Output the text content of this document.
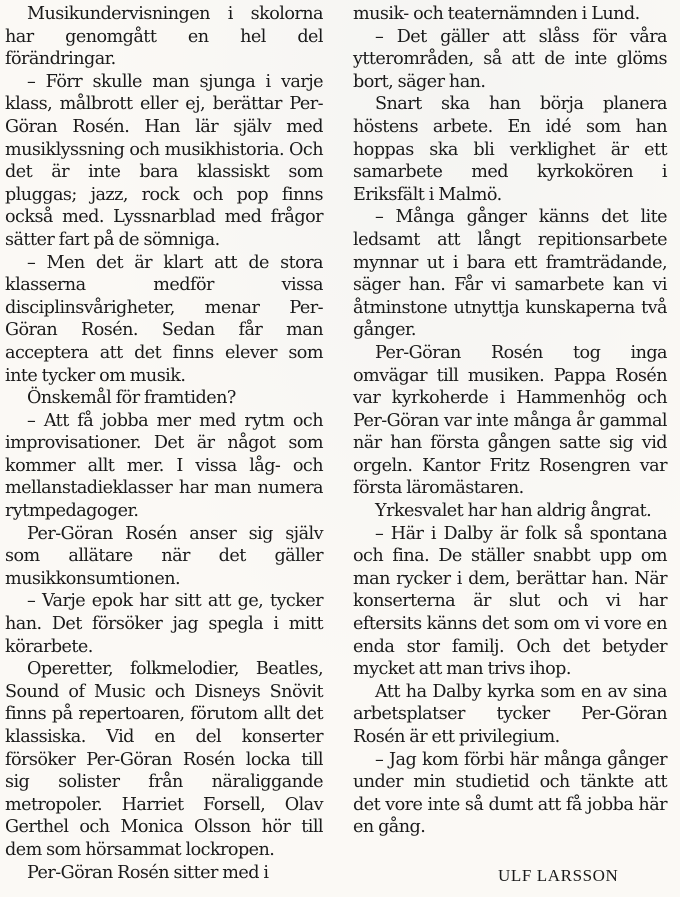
Musikundervisningen i skolorna har genomgått en hel del förändringar.

– Förr skulle man sjunga i varje klass, målbrott eller ej, berättar Per-Göran Rosén. Han lär själv med musiklyssning och musikhistoria. Och det är inte bara klassiskt som pluggas; jazz, rock och pop finns också med. Lyssnarblad med frågor sätter fart på de sömniga.

– Men det är klart att de stora klasserna medför vissa disciplinsvårigheter, menar Per-Göran Rosén. Sedan får man acceptera att det finns elever som inte tycker om musik.

Önskemål för framtiden?

– Att få jobba mer med rytm och improvisationer. Det är något som kommer allt mer. I vissa låg- och mellanstadieklasser har man numera rytmpedagoger.

Per-Göran Rosén anser sig själv som allätare när det gäller musikkonsumtionen.

– Varje epok har sitt att ge, tycker han. Det försöker jag spegla i mitt körarbete.

Operetter, folkmelodier, Beatles, Sound of Music och Disneys Snövit finns på repertoaren, förutom allt det klassiska. Vid en del konserter försöker Per-Göran Rosén locka till sig solister från näraliggande metropoler. Harriet Forsell, Olav Gerthel och Monica Olsson hör till dem som hörsammat lockropen.

Per-Göran Rosén sitter med i

musik- och teaternämnden i Lund.

– Det gäller att slåss för våra ytterområden, så att de inte glöms bort, säger han.

Snart ska han börja planera höstens arbete. En idé som han hoppas ska bli verklighet är ett samarbete med kyrkokören i Eriksfält i Malmö.

– Många gånger känns det lite ledsamt att långt repitionsarbete mynnar ut i bara ett framträdande, säger han. Får vi samarbete kan vi åtminstone utnyttja kunskaperna två gånger.

Per-Göran Rosén tog inga omvägar till musiken. Pappa Rosén var kyrkoherde i Hammenhög och Per-Göran var inte många år gammal när han första gången satte sig vid orgeln. Kantor Fritz Rosengren var första läromästaren.

Yrkesvalet har han aldrig ångrat.

– Här i Dalby är folk så spontana och fina. De ställer snabbt upp om man rycker i dem, berättar han. När konserterna är slut och vi har eftersits känns det som om vi vore en enda stor familj. Och det betyder mycket att man trivs ihop.

Att ha Dalby kyrka som en av sina arbetsplatser tycker Per-Göran Rosén är ett privilegium.

– Jag kom förbi här många gånger under min studietid och tänkte att det vore inte så dumt att få jobba här en gång.

ULF LARSSON
